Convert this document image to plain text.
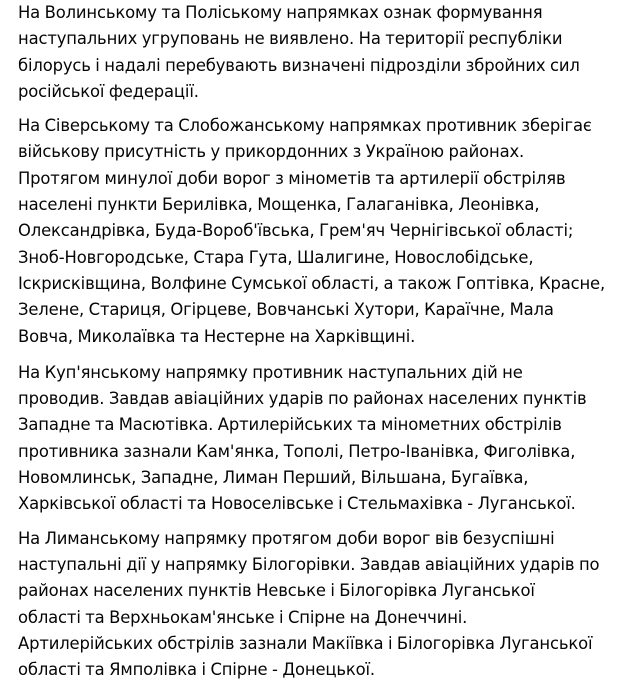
На Волинському та Поліському напрямках ознак формування
наступальних угруповань не виявлено. На території республіки
білорусь і надалі перебувають визначені підрозділи збройних сил
російської федерації.

На Сіверському та Слобожанському напрямках противник зберігає
військову присутність у прикордонних з Україною районах.
Протягом минулої доби ворог з мінометів та артилерії обстріляв
населені пункти Берилівка, Мощенка, Галаганівка, Леонівка,
Олександрівка, Буда-Вороб'ївська, Грем'яч Чернігівської області;
Зноб-Новгородське, Стара Гута, Шалигине, Новослобідське,
Іскрисківщина, Волфине Сумської області, а також Гоптівка, Красне,
Зелене, Стариця, Огірцеве, Вовчанські Хутори, Караїчне, Мала
Вовча, Миколаївка та Нестерне на Харківщині.

На Куп'янському напрямку противник наступальних дій не
проводив. Завдав авіаційних ударів по районах населених пунктів
Западне та Масютівка. Артилерійських та мінометних обстрілів
противника зазнали Кам'янка, Тополі, Петро-Іванівка, Фиголівка,
Новомлинськ, Западне, Лиман Перший, Вільшана, Бугаївка,
Харківської області та Новоселівське і Стельмахівка - Луганської.

На Лиманському напрямку протягом доби ворог вів безуспішні
наступальні дії у напрямку Білогорівки. Завдав авіаційних ударів по
районах населених пунктів Невське і Білогорівка Луганської
області та Верхньокам'янське і Спірне на Донеччині.
Артилерійських обстрілів зазнали Макіївка і Білогорівка Луганської
області та Ямполівка і Спірне - Донецької.
